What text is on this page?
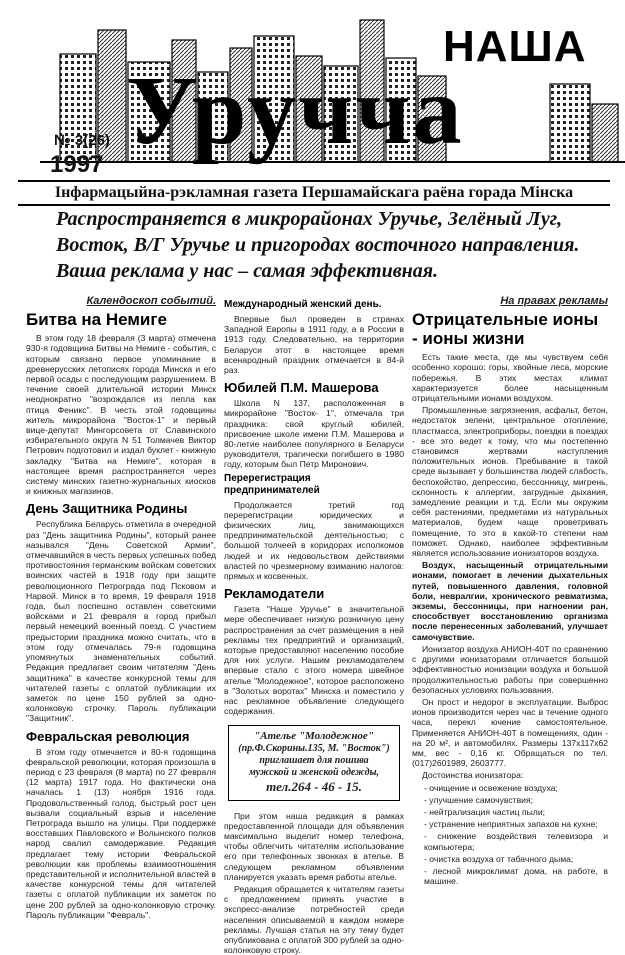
НАША
Уручча
№ 3(26)
1997
Інфармацыйна-рэкламная газета Першамайскага раёна горада Мінска

Распространяется в микрорайонах Уручье, Зелёный Луг, Восток, В/Г Уручье и пригородах восточного направления.

Ваша реклама у нас – самая эффективная.

Календоскоп событий.
Битва на Немиге

В этом году 18 февраля (3 марта) отмечена 930-я годовщина Битвы на Немиге - события, с которым связано первое упоминание в древнерусских летописях города Минска и его первой осады с последующим разрушением. В течение своей длительной истории Минск неоднократно "возрождался из пепла как птица Феникс". В честь этой годовщины житель микрорайона "Восток-1" и первый вице-депутат Мингорсовета от Славинского избирательного округа N 51 Толмачев Виктор Петрович подготовил и издал буклет - книжную закладку "Битва на Немиге", которая в настоящее время распространяется через систему минских газетно-журнальных киосков и книжных магазинов.

День Защитника Родины

Республика Беларусь отметила в очередной раз "День защитника Родины", который ранее назывался "День Советской Армии", отмечавшийся в честь первых успешных побед противостояния германским войскам советских воинских частей в 1918 году при защите революционного Петрограда под Псковом и Нарвой. Минск в то время, 19 февраля 1918 года, был поспешно оставлен советскими войсками и 21 февраля в город прибыл первый немецкий военный поезд. С участием предыстории праздника можно считать, что в этом году отмечалась 79-я годовщина упомянутых знаменательных событий. Редакция предлагает своим читателям "День защитника" в качестве конкурсной темы для читателей газеты с оплатой публикации их заметок по цене 150 рублей за одно-колонковую строчку. Пароль публикации "Защитник".

Февральская революция

В этом году отмечается и 80-я годовщина февральской революции, которая произошла в период с 23 февраля (8 марта) по 27 февраля (12 марта) 1917 года. Но фактически она началась 1 (13) ноября 1916 года. Продовольственный голод, быстрый рост цен вызвали социальный взрыв и население Петрограда вышло на улицы. При поддержке восставших Павловского и Волынского полков народ свалил самодержавие. Редакция предлагает тему истории Февральской революции как проблемы взаимоотношения представительной и исполнительной властей в качестве конкурсной темы для читателей газеты с оплатой публикации их заметок по цене 200 рублей за одно-колонковую строчку. Пароль публикации "Февраль".

Международный женский день.

Впервые был проведен в странах Западной Европы в 1911 году, а в России в 1913 году. Следовательно, на территории Беларуси этот в настоящее время всенародный праздник отмечается в 84-й раз.

Юбилей П.М. Машерова

Школа N 137, расположенная в микрорайоне "Восток- 1", отмечала три праздника: свой круглый юбилей, присвоение школе имени П.М. Машерова и 80-летие наиболее популярного в Беларуси руководителя, трагически погибшего в 1980 году, которым был Петр Миронович.

Перерегистрация предпринимателей

Продолжается третий год перерегистрации юридических и физических лиц, занимающихся предпринимательской деятельностью; с большой толчеей в коридорах исполкомов людей и их недовольством действиями властей по чрезмерному взиманию налогов: прямых и косвенных.

Рекламодатели

Газета "Наше Уручье" в значительной мере обеспечивает низкую розничную цену распространения за счет размещения в ней рекламы тех предприятий и организаций, которые предоставляют населению пособие для них услуги. Нашим рекламодателем впервые стало с этого номера швейное ателье "Молодежное", которое расположено в "Золотых воротах" Минска и поместило у нас рекламное объявление следующего содержания.

"Ателье "Молодежное"
(пр.Ф.Скорины.135, М. "Восток")
приглашает для пошива
мужской и женской одежды,
тел.264 - 46 - 15.

При этом наша редакция в рамках предоставленной площади для объявления максимально выделит номер телефона, чтобы облегчить читателям использование его при телефонных звонках в ателье. В следующем рекламном объявлении планируется указать время работы ателье.

Редакция обращается к читателям газеты с предложением принять участие в экспресс-анализе потребностей среди населения описываемой в каждом номере рекламы. Лучшая статья на эту тему будет опубликована с оплатой 300 рублей за одно-колонковую строку.

На правах рекламы
Отрицательные ионы - ионы жизни

Есть такие места, где мы чувствуем себя особенно хорошо: горы, хвойные леса, морские побережья. В этих местах климат характеризуется более насыщенным отрицательными ионами воздухом.

Промышленные загрязнения, асфальт, бетон, недостаток зелени, центральное отопление, пластмасса, электроприборы, поездки в поездах - все это ведет к тому, что мы постепенно становимся жертвами наступления положительных ионов. Пребывание в такой среде вызывает у большинства людей слабость, беспокойство, депрессию, бессонницу, мигрень, склонность к аллергии, загрудные дыхания, замедление реакции и т.д. Если мы окружим себя растениями, предметами из натуральных материалов, будем чаще проветривать помещение, то это в какой-то степени нам поможет. Однако, наиболее эффективным является использование ионизаторов воздуха.

Воздух, насыщенный отрицательными ионами, помогает в лечении дыхательных путей, повышенного давления, головной боли, невралгии, хронического ревматизма, экземы, бессонницы, при нагноении ран, способствует восстановлению организма после перенесенных заболеваний, улучшает самочувствие.

Ионизатор воздуха АНИОН-40Т по сравнению с другими ионизаторами отличается большой эффективностью ионизации воздуха и большой продолжительностью работы при совершенно безопасных условиях пользования.

Он прост и недорог в эксплуатации. Выброс ионов производится через час в течение одного часа, перекл ючение самостоятельное. Применяется АНИОН-40Т в помещениях, один - на 20 м², и автомобилях. Размеры 137х117х62 мм, вес - 0,16 кг. Обращаться по тел. (017)2601989, 2603777.

Достоинства ионизатора:

- очищение и освежение воздуха;

- улучшение самочувствия;

- нейтрализация частиц пыли;

- устранение неприятных запахов на кухне;

- снижение воздействия телевизора и компьютера;

- очистка воздуха от табачного дыма;

- лесной микроклимат дома, на работе, в машине.
